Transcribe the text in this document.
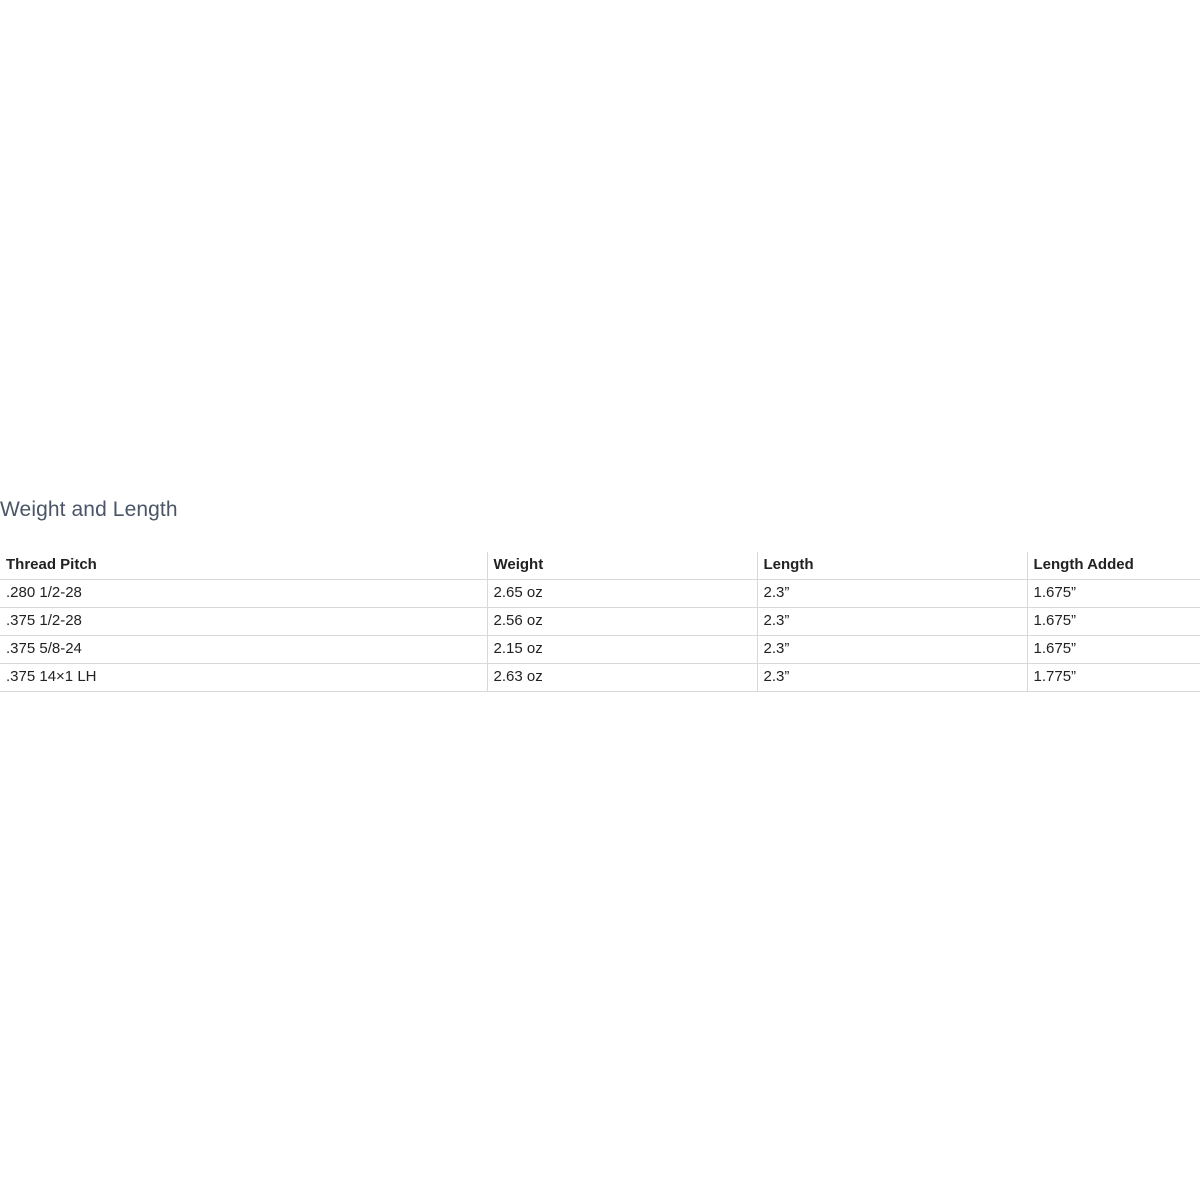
Weight and Length
Thread Pitch	Weight	Length	Length Added
.280 1/2-28	2.65 oz	2.3”	1.675”
.375 1/2-28	2.56 oz	2.3”	1.675”
.375 5/8-24	2.15 oz	2.3”	1.675”
.375 14×1 LH	2.63 oz	2.3”	1.775”
